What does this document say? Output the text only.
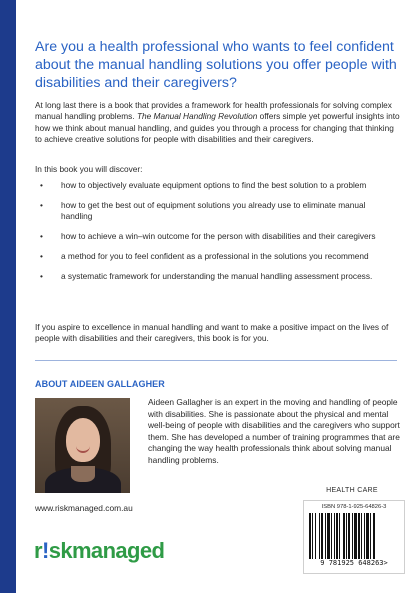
Are you a health professional who wants to feel confident about the manual handling solutions you offer people with disabilities and their caregivers?

At long last there is a book that provides a framework for health professionals for solving complex manual handling problems. The Manual Handling Revolution offers simple yet powerful insights into how we think about manual handling, and guides you through a process for changing that thinking to achieve creative solutions for people with disabilities and their caregivers.

In this book you will discover:

• how to objectively evaluate equipment options to find the best solution to a problem
• how to get the best out of equipment solutions you already use to eliminate manual handling
• how to achieve a win–win outcome for the person with disabilities and their caregivers
• a method for you to feel confident as a professional in the solutions you recommend
• a systematic framework for understanding the manual handling assessment process.

If you aspire to excellence in manual handling and want to make a positive impact on the lives of people with disabilities and their caregivers, this book is for you.

ABOUT AIDEEN GALLAGHER

Aideen Gallagher is an expert in the moving and handling of people with disabilities. She is passionate about the physical and mental well-being of people with disabilities and the caregivers who support them. She has developed a number of training programmes that are changing the way health professionals think about solving manual handling problems.

www.riskmanaged.com.au

r!skmanaged

HEALTH CARE

ISBN 978-1-925-64826-3

9 781925 648263>
